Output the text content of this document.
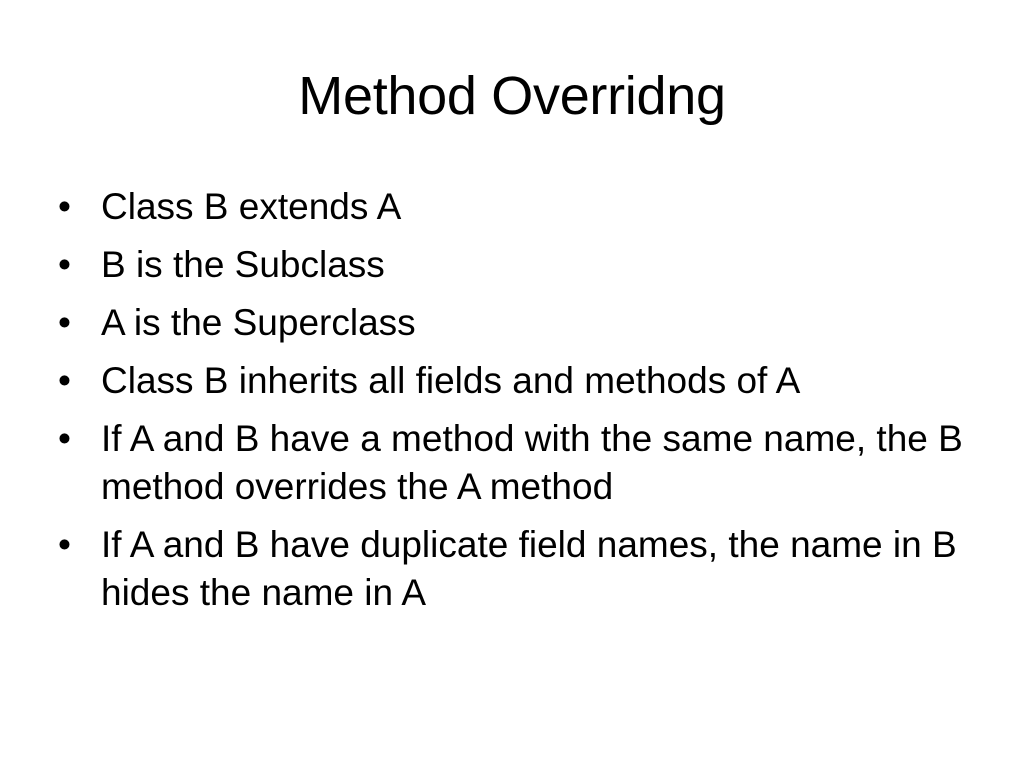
Method Overridng
• Class B extends A
• B is the Subclass
• A is the Superclass
• Class B inherits all fields and methods of A
• If A and B have a method with the same name, the B method overrides the A method
• If A and B have duplicate field names, the name in B hides the name in A
